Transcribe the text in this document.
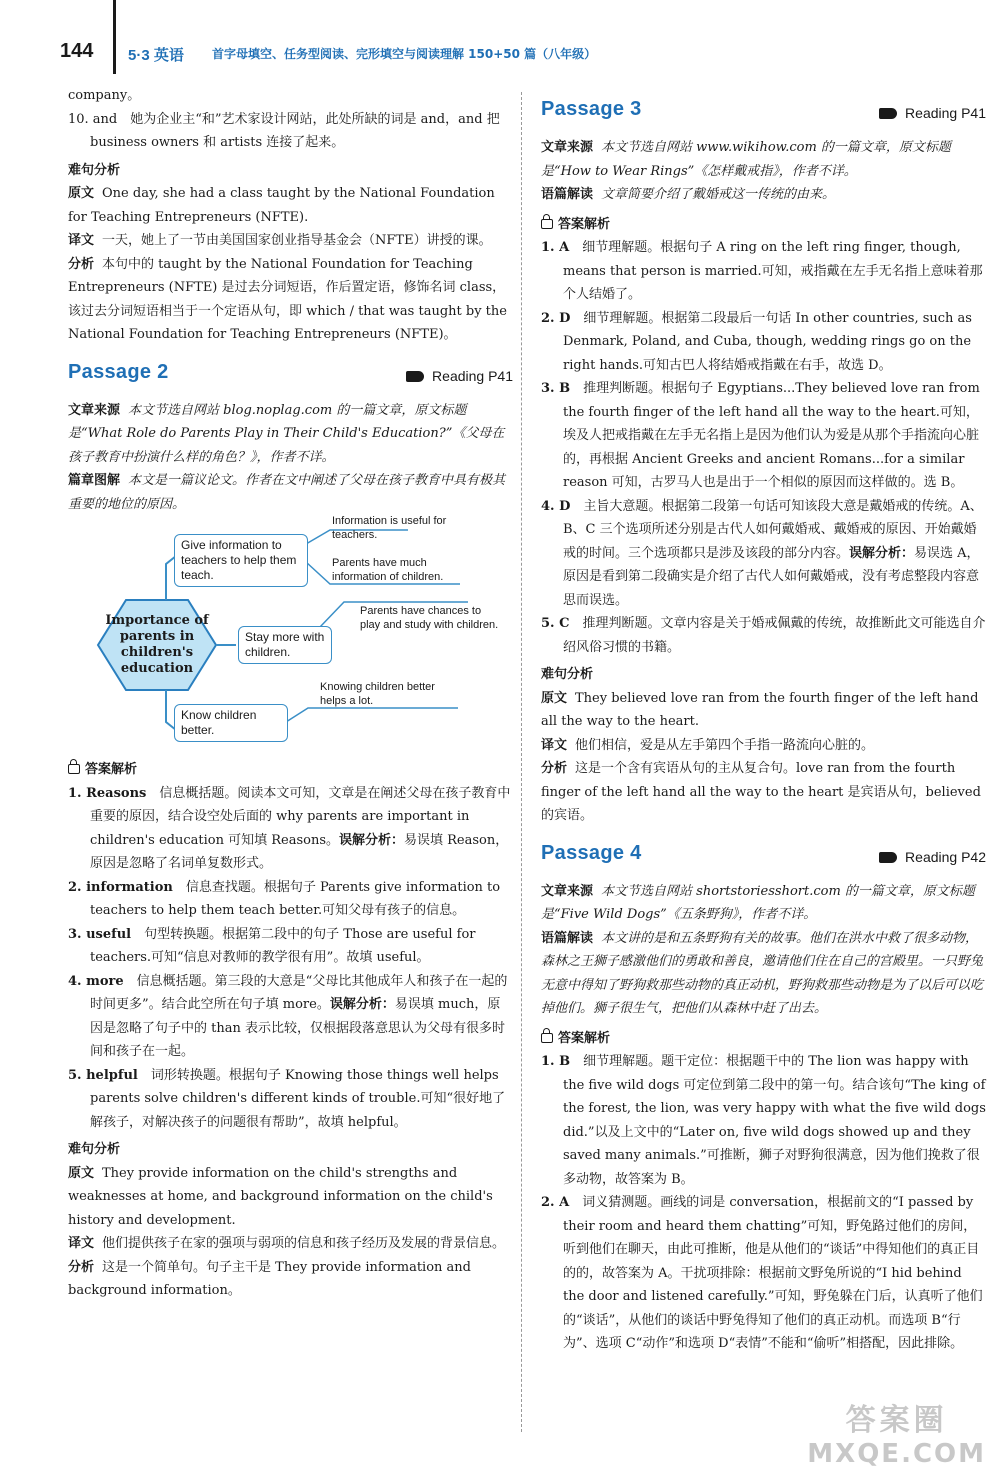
144 5·3 英语 首字母填空、任务型阅读、完形填空与阅读理解 150+50 篇（八年级）

company。

10. and　她为企业主“和”艺术家设计网站，此处所缺的词是 and，and 把 business owners 和 artists 连接了起来。

难句分析

原文 One day, she had a class taught by the National Foundation for Teaching Entrepreneurs (NFTE).

译文 一天，她上了一节由美国国家创业指导基金会（NFTE）讲授的课。

分析 本句中的 taught by the National Foundation for Teaching Entrepreneurs (NFTE) 是过去分词短语，作后置定语，修饰名词 class，该过去分词短语相当于一个定语从句，即 which / that was taught by the National Foundation for Teaching Entrepreneurs (NFTE)。

Passage 2	Reading P41

文章来源 本文节选自网站 blog.noplag.com 的一篇文章，原文标题是“What Role do Parents Play in Their Child's Education?”《父母在孩子教育中扮演什么样的角色？》，作者不详。

篇章图解 本文是一篇议论文。作者在文中阐述了父母在孩子教育中具有极其重要的地位的原因。

Importance of parents in children's education
Give information to teachers to help them teach.
Stay more with children.
Know children better.
Information is useful for teachers.
Parents have much information of children.
Parents have chances to play and study with children.
Knowing children better helps a lot.

答案解析

1. Reasons　 信息概括题。阅读本文可知，文章是在阐述父母在孩子教育中重要的原因，结合设空处后面的 why parents are important in children's education 可知填 Reasons。误解分析：易误填 Reason，原因是忽略了名词单复数形式。

2. information　 信息查找题。根据句子 Parents give information to teachers to help them teach better.可知父母有孩子的信息。

3. useful　 句型转换题。根据第二段中的句子 Those are useful for teachers.可知“信息对教师的教学很有用”。故填 useful。

4. more　 信息概括题。第三段的大意是“父母比其他成年人和孩子在一起的时间更多”。结合此空所在句子填 more。误解分析：易误填 much，原因是忽略了句子中的 than 表示比较，仅根据段落意思认为父母有很多时间和孩子在一起。

5. helpful　 词形转换题。根据句子 Knowing those things well helps parents solve children's different kinds of trouble.可知“很好地了解孩子，对解决孩子的问题很有帮助”，故填 helpful。

难句分析

原文 They provide information on the child's strengths and weaknesses at home, and background information on the child's history and development.

译文 他们提供孩子在家的强项与弱项的信息和孩子经历及发展的背景信息。

分析 这是一个简单句。句子主干是 They provide information and background information。

Passage 3	Reading P41

文章来源 本文节选自网站 www.wikihow.com 的一篇文章，原文标题是“How to Wear Rings”《怎样戴戒指》，作者不详。

语篇解读 文章简要介绍了戴婚戒这一传统的由来。

答案解析

1. A　 细节理解题。根据句子 A ring on the left ring finger, though, means that person is married.可知，戒指戴在左手无名指上意味着那个人结婚了。

2. D　 细节理解题。根据第二段最后一句话 In other countries, such as Denmark, Poland, and Cuba, though, wedding rings go on the right hands.可知古巴人将结婚戒指戴在右手，故选 D。

3. B　 推理判断题。根据句子 Egyptians...They believed love ran from the fourth finger of the left hand all the way to the heart.可知，埃及人把戒指戴在左手无名指上是因为他们认为爱是从那个手指流向心脏的，再根据 Ancient Greeks and ancient Romans...for a similar reason 可知，古罗马人也是出于一个相似的原因而这样做的。选 B。

4. D　 主旨大意题。根据第二段第一句话可知该段大意是戴婚戒的传统。A、B、C 三个选项所述分别是古代人如何戴婚戒、戴婚戒的原因、开始戴婚戒的时间。三个选项都只是涉及该段的部分内容。误解分析：易误选 A，原因是看到第二段确实是介绍了古代人如何戴婚戒，没有考虑整段内容意思而误选。

5. C　 推理判断题。文章内容是关于婚戒佩戴的传统，故推断此文可能选自介绍风俗习惯的书籍。

难句分析

原文 They believed love ran from the fourth finger of the left hand all the way to the heart.

译文 他们相信，爱是从左手第四个手指一路流向心脏的。

分析 这是一个含有宾语从句的主从复合句。love ran from the fourth finger of the left hand all the way to the heart 是宾语从句，believed 的宾语。

Passage 4	Reading P42

文章来源 本文节选自网站 shortstoriesshort.com 的一篇文章，原文标题是“Five Wild Dogs”《五条野狗》，作者不详。

语篇解读 本文讲的是和五条野狗有关的故事。他们在洪水中救了很多动物，森林之王狮子感激他们的勇敢和善良，邀请他们住在自己的宫殿里。一只野兔无意中得知了野狗救那些动物的真正动机，野狗救那些动物是为了以后可以吃掉他们。狮子很生气，把他们从森林中赶了出去。

答案解析

1. B　 细节理解题。题干定位：根据题干中的 The lion was happy with the five wild dogs 可定位到第二段中的第一句。结合该句“The king of the forest, the lion, was very happy with what the five wild dogs did.”以及上文中的“Later on, five wild dogs showed up and they saved many animals.”可推断，狮子对野狗很满意，因为他们挽救了很多动物，故答案为 B。

2. A　 词义猜测题。画线的词是 conversation，根据前文的“I passed by their room and heard them chatting”可知，野兔路过他们的房间，听到他们在聊天，由此可推断，他是从他们的“谈话”中得知他们的真正目的的，故答案为 A。干扰项排除：根据前文野兔所说的“I hid behind the door and listened carefully.”可知，野兔躲在门后，认真听了他们的“谈话”，从他们的谈话中野兔得知了他们的真正动机。而选项 B“行为”、选项 C“动作”和选项 D“表情”不能和“偷听”相搭配，因此排除。

答案圈
MXQE.COM
